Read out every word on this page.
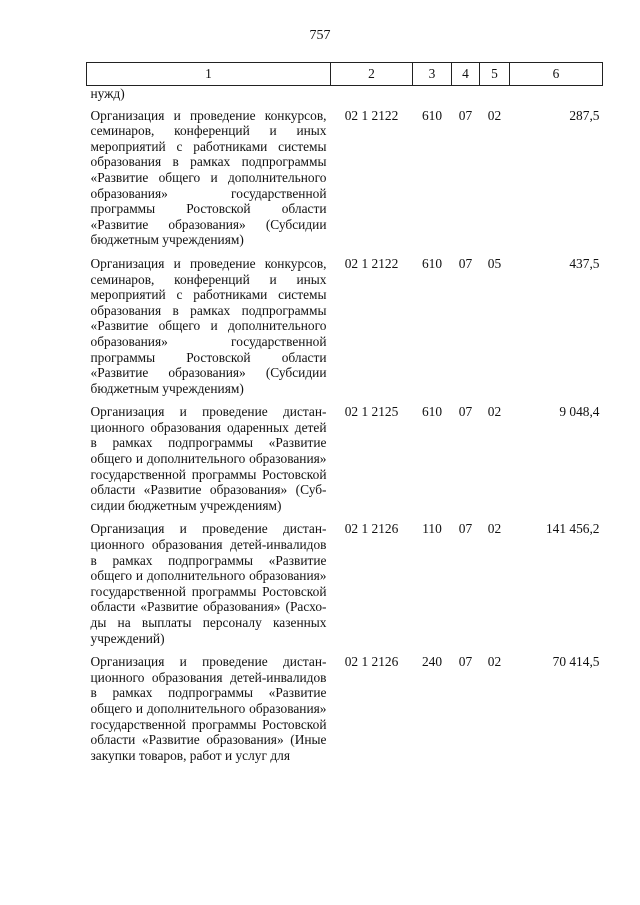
757
1	2	3	4	5	6
нужд)					
Организация и проведение конкурсов, семинаров, конференций и иных мероприятий с работниками системы образования в рамках подпрограммы «Развитие общего и дополнительного образования» государственной программы Ростовской области «Развитие образования» (Субсидии бюджетным учреждениям)	02 1 2122	610	07	02	287,5
Организация и проведение конкурсов, семинаров, конференций и иных мероприятий с работниками системы образования в рамках подпрограммы «Развитие общего и дополнительного образования» государственной программы Ростовской области «Развитие образования» (Субсидии бюджетным учреждениям)	02 1 2122	610	07	05	437,5
Организация и проведение дистанционного образования одаренных детей в рамках подпрограммы «Развитие общего и дополнительного образования» государственной программы Ростовской области «Развитие образования» (Субсидии бюджетным учреждениям)	02 1 2125	610	07	02	9 048,4
Организация и проведение дистанционного образования детей-инвалидов в рамках подпрограммы «Развитие общего и дополнительного образования» государственной программы Ростовской области «Развитие образования» (Расходы на выплаты персоналу казенных учреждений)	02 1 2126	110	07	02	141 456,2
Организация и проведение дистанционного образования детей-инвалидов в рамках подпрограммы «Развитие общего и дополнительного образования» государственной программы Ростовской области «Развитие образования» (Иные закупки товаров, работ и услуг для	02 1 2126	240	07	02	70 414,5
